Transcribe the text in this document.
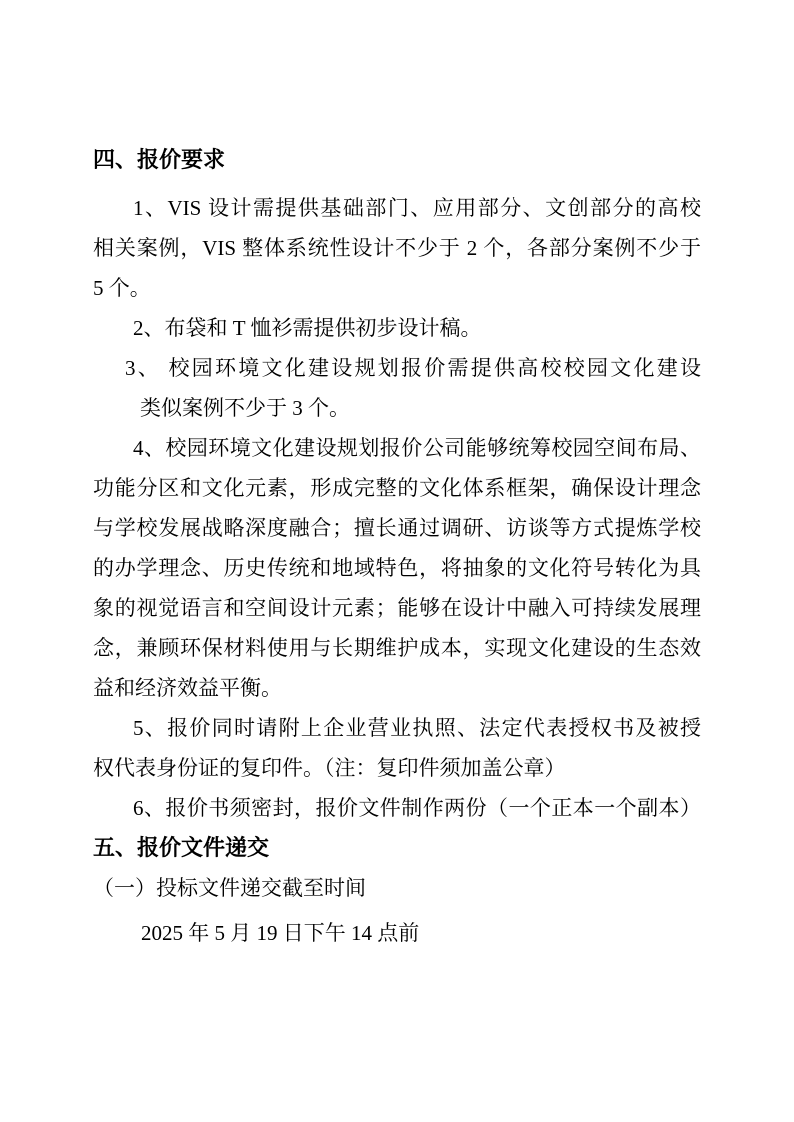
四、报价要求
1、VIS 设计需提供基础部门、应用部分、文创部分的高校
相关案例，VIS 整体系统性设计不少于 2 个，各部分案例不少于
5 个。
2、布袋和 T 恤衫需提供初步设计稿。
3、 校园环境文化建设规划报价需提供高校校园文化建设
类似案例不少于 3 个。
4、校园环境文化建设规划报价公司能够统筹校园空间布局、
功能分区和文化元素，形成完整的文化体系框架，确保设计理念
与学校发展战略深度融合；擅长通过调研、访谈等方式提炼学校
的办学理念、历史传统和地域特色，将抽象的文化符号转化为具
象的视觉语言和空间设计元素；能够在设计中融入可持续发展理
念，兼顾环保材料使用与长期维护成本，实现文化建设的生态效
益和经济效益平衡。
5、报价同时请附上企业营业执照、法定代表授权书及被授
权代表身份证的复印件。（注：复印件须加盖公章）
6、报价书须密封，报价文件制作两份（一个正本一个副本）
五、报价文件递交
（一）投标文件递交截至时间
2025 年 5 月 19 日下午 14 点前
